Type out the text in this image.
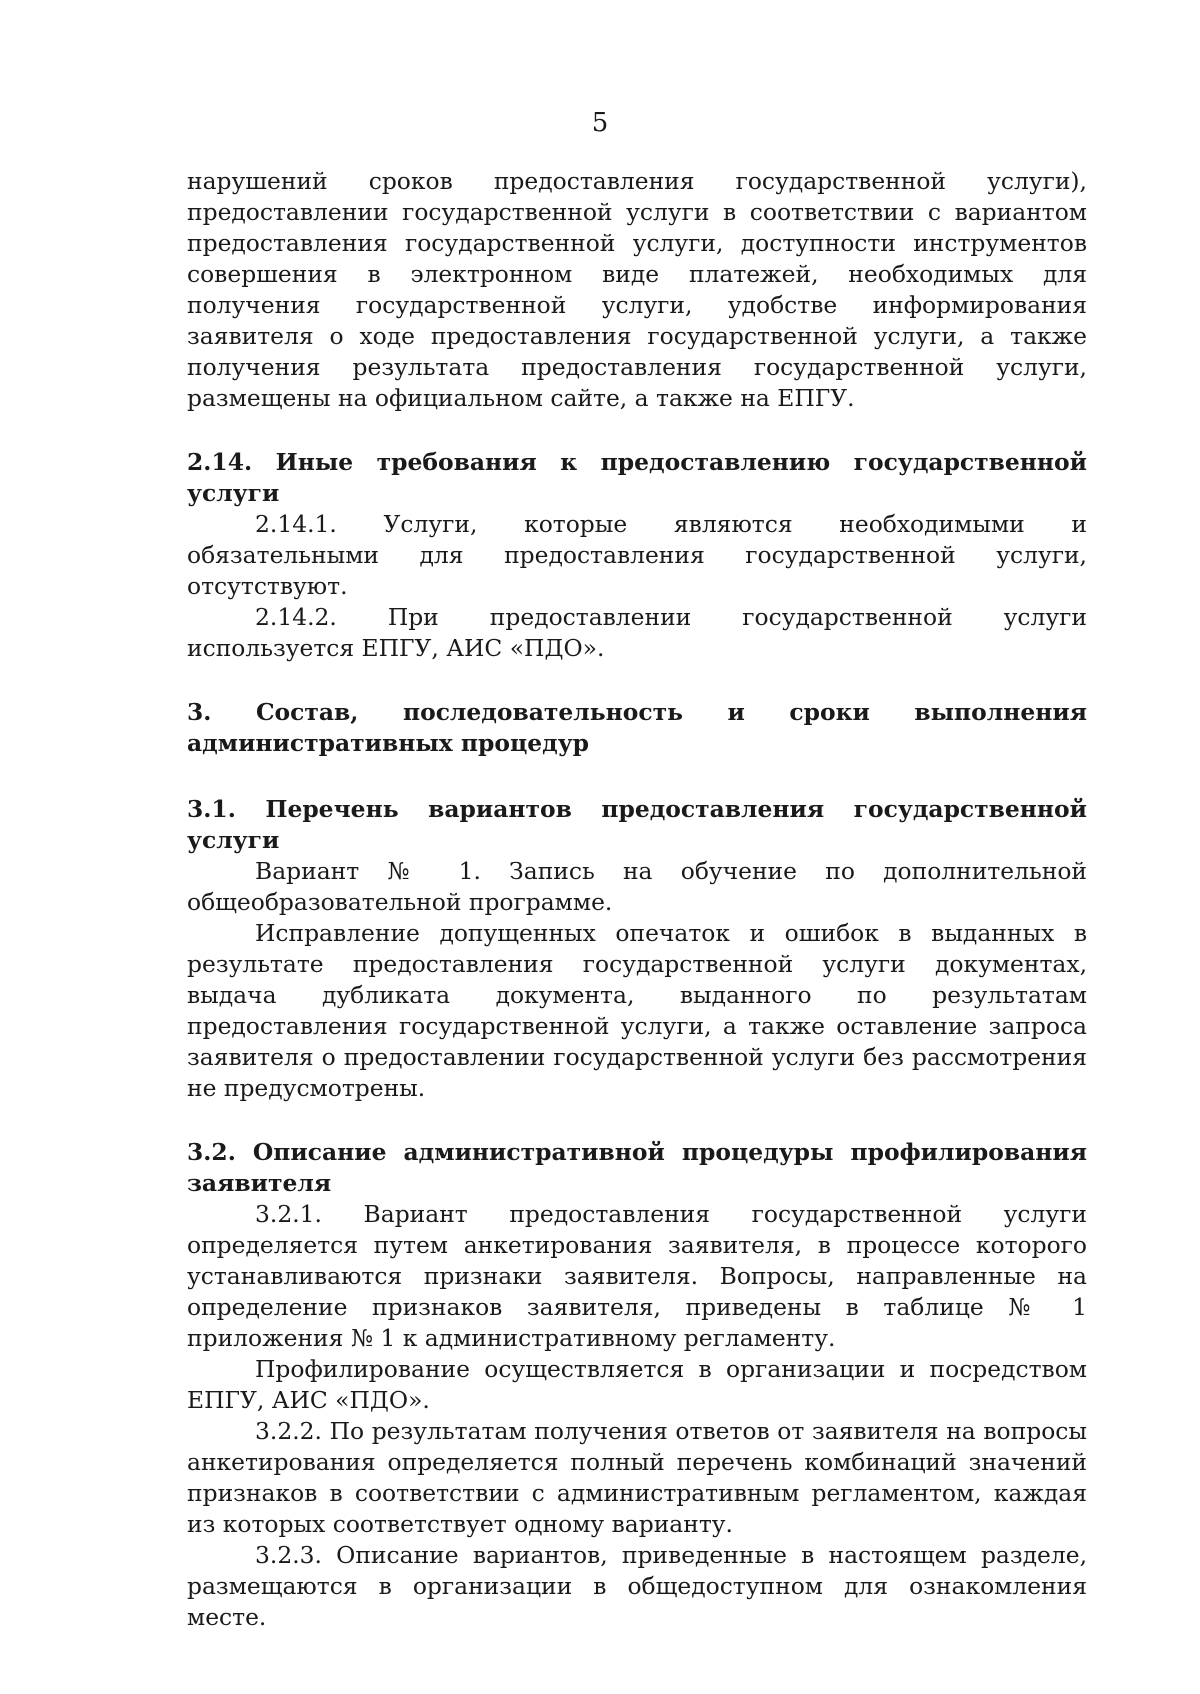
5

нарушений сроков предоставления государственной услуги), предоставлении государственной услуги в соответствии с вариантом предоставления государственной услуги, доступности инструментов совершения в электронном виде платежей, необходимых для получения государственной услуги, удобстве информирования заявителя о ходе предоставления государственной услуги, а также получения результата предоставления государственной услуги, размещены на официальном сайте, а также на ЕПГУ.

2.14. Иные требования к предоставлению государственной услуги

2.14.1. Услуги, которые являются необходимыми и обязательными для предоставления государственной услуги, отсутствуют.

2.14.2. При предоставлении государственной услуги используется ЕПГУ, АИС «ПДО».

3. Состав, последовательность и сроки выполнения административных процедур
3.1. Перечень вариантов предоставления государственной услуги

Вариант № 1. Запись на обучение по дополнительной общеобразовательной программе.

Исправление допущенных опечаток и ошибок в выданных в результате предоставления государственной услуги документах, выдача дубликата документа, выданного по результатам предоставления государственной услуги, а также оставление запроса заявителя о предоставлении государственной услуги без рассмотрения не предусмотрены.

3.2. Описание административной процедуры профилирования заявителя

3.2.1. Вариант предоставления государственной услуги определяется путем анкетирования заявителя, в процессе которого устанавливаются признаки заявителя. Вопросы, направленные на определение признаков заявителя, приведены в таблице № 1 приложения № 1 к административному регламенту.

Профилирование осуществляется в организации и посредством ЕПГУ, АИС «ПДО».

3.2.2. По результатам получения ответов от заявителя на вопросы анкетирования определяется полный перечень комбинаций значений признаков в соответствии с административным регламентом, каждая из которых соответствует одному варианту.

3.2.3. Описание вариантов, приведенные в настоящем разделе, размещаются в организации в общедоступном для ознакомления месте.
